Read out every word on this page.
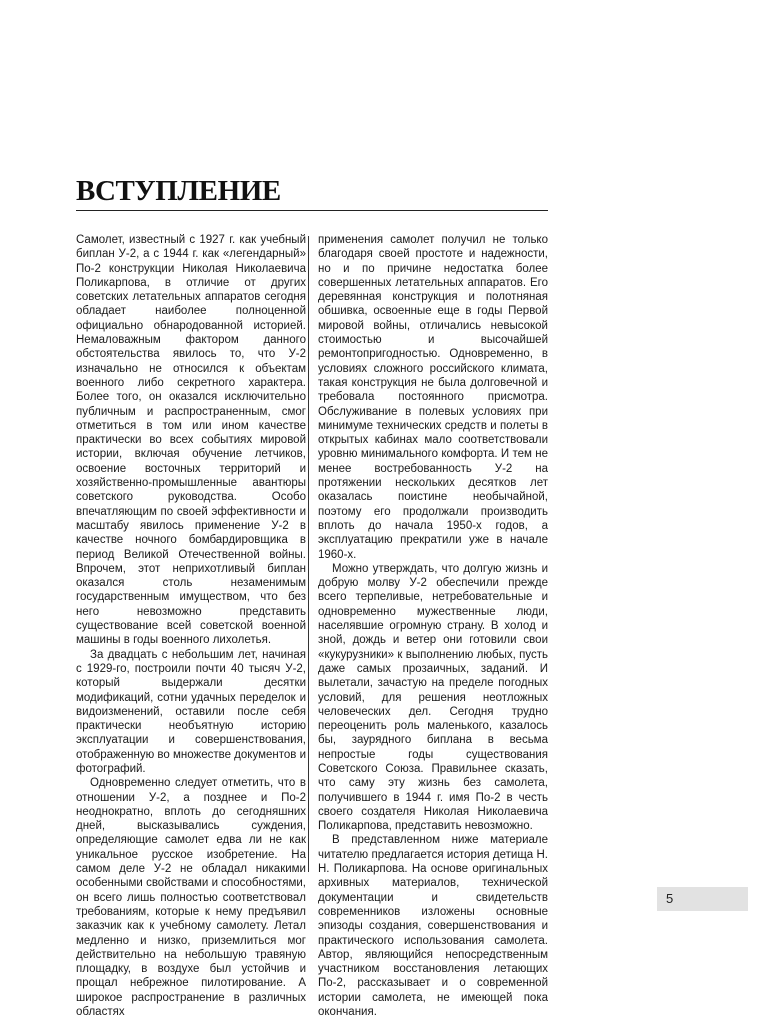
ВСТУПЛЕНИЕ

Самолет, известный с 1927 г. как учебный биплан У-2, а с 1944 г. как «легендарный» По-2 конструкции Николая Николаевича Поликарпова, в отличие от других советских летательных аппаратов сегодня обладает наиболее полноценной официально обнародованной историей. Немаловажным фактором данного обстоятельства явилось то, что У-2 изначально не относился к объектам военного либо секретного характера. Более того, он оказался исключительно публичным и распространенным, смог отметиться в том или ином качестве практически во всех событиях мировой истории, включая обучение летчиков, освоение восточных территорий и хозяйственно-промышленные авантюры советского руководства. Особо впечатляющим по своей эффективности и масштабу явилось применение У-2 в качестве ночного бомбардировщика в период Великой Отечественной войны. Впрочем, этот неприхотливый биплан оказался столь незаменимым государственным имуществом, что без него невозможно представить существование всей советской военной машины в годы военного лихолетья.

За двадцать с небольшим лет, начиная с 1929-го, построили почти 40 тысяч У-2, который выдержали десятки модификаций, сотни удачных переделок и видоизменений, оставили после себя практически необъятную историю эксплуатации и совершенствования, отображенную во множестве документов и фотографий.

Одновременно следует отметить, что в отношении У-2, а позднее и По-2 неоднократно, вплоть до сегодняшних дней, высказывались суждения, определяющие самолет едва ли не как уникальное русское изобретение. На самом деле У-2 не обладал никакими особенными свойствами и способностями, он всего лишь полностью соответствовал требованиям, которые к нему предъявил заказчик как к учебному самолету. Летал медленно и низко, приземлиться мог действительно на небольшую травяную площадку, в воздухе был устойчив и прощал небрежное пилотирование. А широкое распространение в различных областях

применения самолет получил не только благодаря своей простоте и надежности, но и по причине недостатка более совершенных летательных аппаратов. Его деревянная конструкция и полотняная обшивка, освоенные еще в годы Первой мировой войны, отличались невысокой стоимостью и высочайшей ремонтопригодностью. Одновременно, в условиях сложного российского климата, такая конструкция не была долговечной и требовала постоянного присмотра. Обслуживание в полевых условиях при минимуме технических средств и полеты в открытых кабинах мало соответствовали уровню минимального комфорта. И тем не менее востребованность У-2 на протяжении нескольких десятков лет оказалась поистине необычайной, поэтому его продолжали производить вплоть до начала 1950-х годов, а эксплуатацию прекратили уже в начале 1960-х.

Можно утверждать, что долгую жизнь и добрую молву У-2 обеспечили прежде всего терпеливые, нетребовательные и одновременно мужественные люди, населявшие огромную страну. В холод и зной, дождь и ветер они готовили свои «кукурузники» к выполнению любых, пусть даже самых прозаичных, заданий. И вылетали, зачастую на пределе погодных условий, для решения неотложных человеческих дел. Сегодня трудно переоценить роль маленького, казалось бы, заурядного биплана в весьма непростые годы существования Советского Союза. Правильнее сказать, что саму эту жизнь без самолета, получившего в 1944 г. имя По-2 в честь своего создателя Николая Николаевича Поликарпова, представить невозможно.

В представленном ниже материале читателю предлагается история детища Н. Н. Поликарпова. На основе оригинальных архивных материалов, технической документации и свидетельств современников изложены основные эпизоды создания, совершенствования и практического использования самолета. Автор, являющийся непосредственным участником восстановления летающих По-2, рассказывает и о современной истории самолета, не имеющей пока окончания.

5
